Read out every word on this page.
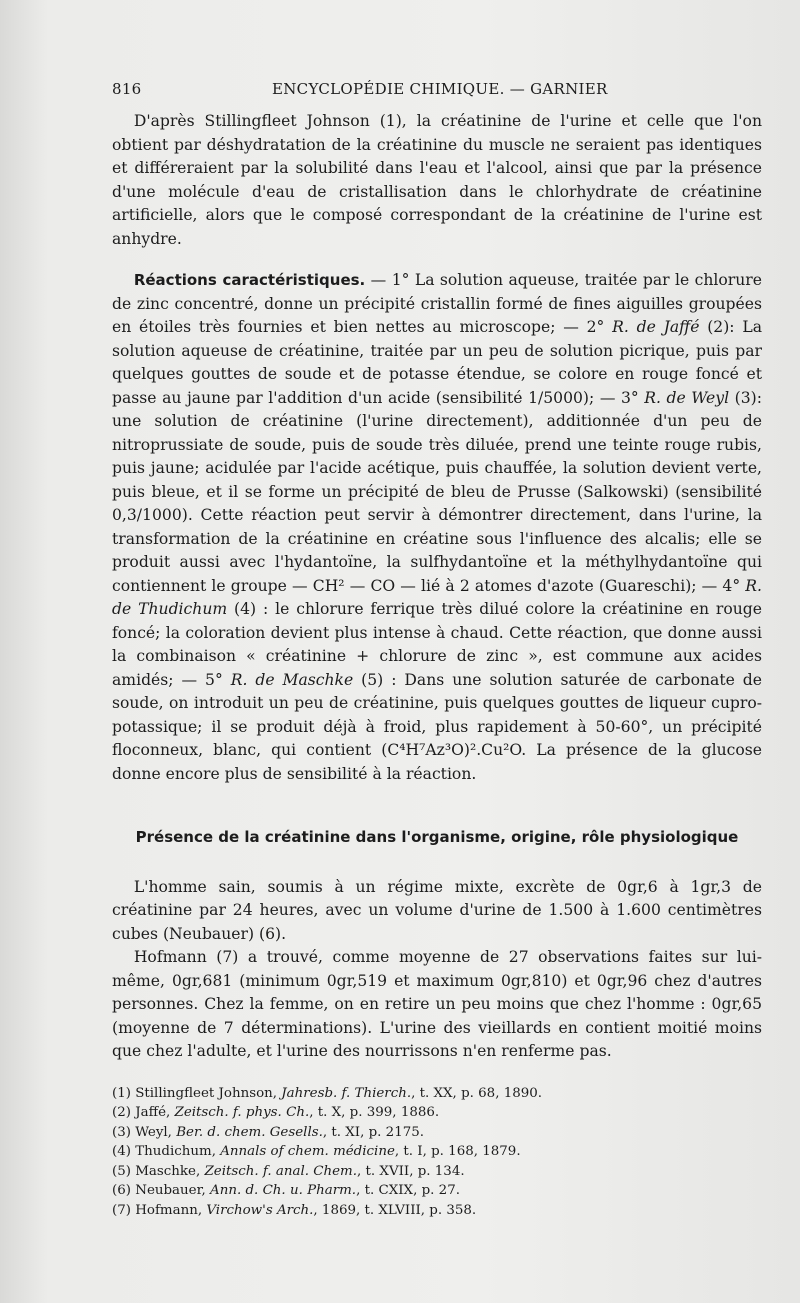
816	ENCYCLOPÉDIE CHIMIQUE. — GARNIER

D'après Stillingfleet Johnson (1), la créatinine de l'urine et celle que l'on obtient par déshydratation de la créatinine du muscle ne seraient pas identiques et différeraient par la solubilité dans l'eau et l'alcool, ainsi que par la présence d'une molécule d'eau de cristallisation dans le chlorhydrate de créatinine artificielle, alors que le composé correspondant de la créatinine de l'urine est anhydre.

Réactions caractéristiques. — 1° La solution aqueuse, traitée par le chlorure de zinc concentré, donne un précipité cristallin formé de fines aiguilles groupées en étoiles très fournies et bien nettes au microscope; — 2° R. de Jaffé (2): La solution aqueuse de créatinine, traitée par un peu de solution picrique, puis par quelques gouttes de soude et de potasse étendue, se colore en rouge foncé et passe au jaune par l'addition d'un acide (sensibilité 1/5000); — 3° R. de Weyl (3): une solution de créatinine (l'urine directement), additionnée d'un peu de nitroprussiate de soude, puis de soude très diluée, prend une teinte rouge rubis, puis jaune; acidulée par l'acide acétique, puis chauffée, la solution devient verte, puis bleue, et il se forme un précipité de bleu de Prusse (Salkowski) (sensibilité 0,3/1000). Cette réaction peut servir à démontrer directement, dans l'urine, la transformation de la créatinine en créatine sous l'influence des alcalis; elle se produit aussi avec l'hydantoïne, la sulfhydantoïne et la méthylhydantoïne qui contiennent le groupe — CH² — CO — lié à 2 atomes d'azote (Guareschi); — 4° R. de Thudichum (4) : le chlorure ferrique très dilué colore la créatinine en rouge foncé; la coloration devient plus intense à chaud. Cette réaction, que donne aussi la combinaison « créatinine + chlorure de zinc », est commune aux acides amidés; — 5° R. de Maschke (5) : Dans une solution saturée de carbonate de soude, on introduit un peu de créatinine, puis quelques gouttes de liqueur cupro-potassique; il se produit déjà à froid, plus rapidement à 50-60°, un précipité floconneux, blanc, qui contient (C⁴H⁷Az³O)².Cu²O. La présence de la glucose donne encore plus de sensibilité à la réaction.

Présence de la créatinine dans l'organisme, origine, rôle physiologique

L'homme sain, soumis à un régime mixte, excrète de 0gr,6 à 1gr,3 de créatinine par 24 heures, avec un volume d'urine de 1.500 à 1.600 centimètres cubes (Neubauer) (6).

Hofmann (7) a trouvé, comme moyenne de 27 observations faites sur lui-même, 0gr,681 (minimum 0gr,519 et maximum 0gr,810) et 0gr,96 chez d'autres personnes. Chez la femme, on en retire un peu moins que chez l'homme : 0gr,65 (moyenne de 7 déterminations). L'urine des vieillards en contient moitié moins que chez l'adulte, et l'urine des nourrissons n'en renferme pas.

(1) Stillingfleet Johnson, Jahresb. f. Thierch., t. XX, p. 68, 1890.

(2) Jaffé, Zeitsch. f. phys. Ch., t. X, p. 399, 1886.

(3) Weyl, Ber. d. chem. Gesells., t. XI, p. 2175.

(4) Thudichum, Annals of chem. médicine, t. I, p. 168, 1879.

(5) Maschke, Zeitsch. f. anal. Chem., t. XVII, p. 134.

(6) Neubauer, Ann. d. Ch. u. Pharm., t. CXIX, p. 27.

(7) Hofmann, Virchow's Arch., 1869, t. XLVIII, p. 358.
